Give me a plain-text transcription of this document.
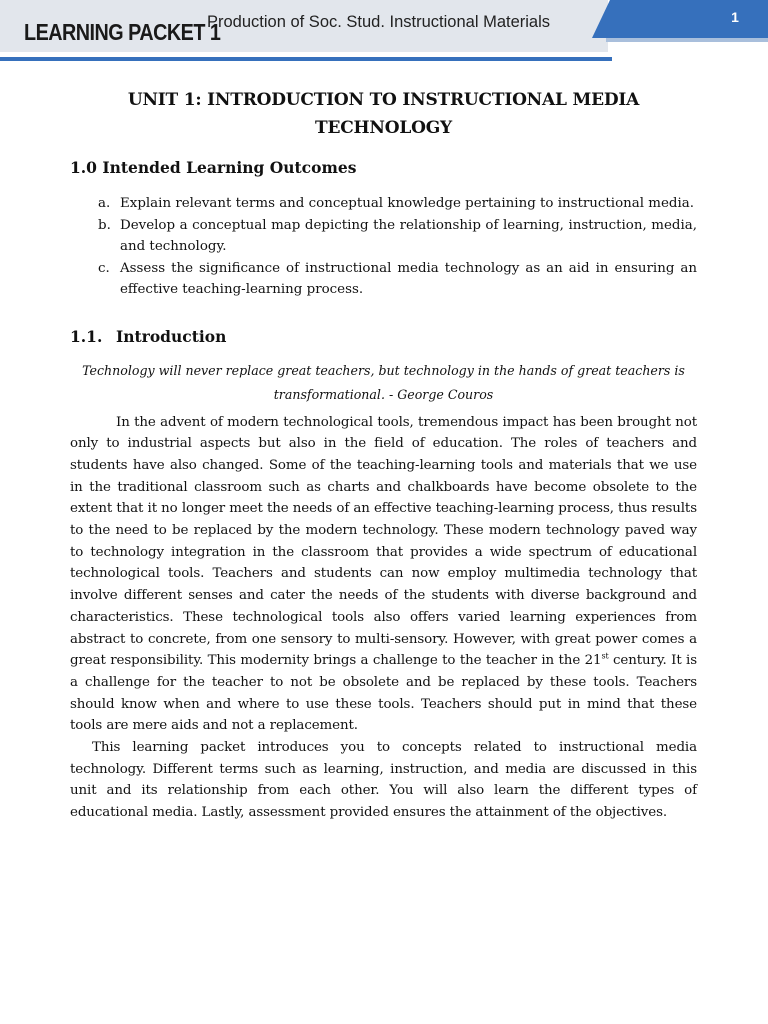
LEARNING PACKET 1
Production of Soc. Stud. Instructional Materials	1
UNIT 1: INTRODUCTION TO INSTRUCTIONAL MEDIA
TECHNOLOGY
1.0 Intended Learning Outcomes
a. Explain relevant terms and conceptual knowledge pertaining to instructional media.
b. Develop a conceptual map depicting the relationship of learning, instruction, media, and technology.
c. Assess the significance of instructional media technology as an aid in ensuring an effective teaching-learning process.
1.1. Introduction

Technology will never replace great teachers, but technology in the hands of great teachers is
transformational. - George Couros

In the advent of modern technological tools, tremendous impact has been brought not only to industrial aspects but also in the field of education. The roles of teachers and students have also changed. Some of the teaching-learning tools and materials that we use in the traditional classroom such as charts and chalkboards have become obsolete to the extent that it no longer meet the needs of an effective teaching-learning process, thus results to the need to be replaced by the modern technology. These modern technology paved way to technology integration in the classroom that provides a wide spectrum of educational technological tools. Teachers and students can now employ multimedia technology that involve different senses and cater the needs of the students with diverse background and characteristics. These technological tools also offers varied learning experiences from abstract to concrete, from one sensory to multi-sensory. However, with great power comes a great responsibility. This modernity brings a challenge to the teacher in the 21st century. It is a challenge for the teacher to not be obsolete and be replaced by these tools. Teachers should know when and where to use these tools. Teachers should put in mind that these tools are mere aids and not a replacement.

This learning packet introduces you to concepts related to instructional media technology. Different terms such as learning, instruction, and media are discussed in this unit and its relationship from each other. You will also learn the different types of educational media. Lastly, assessment provided ensures the attainment of the objectives.
